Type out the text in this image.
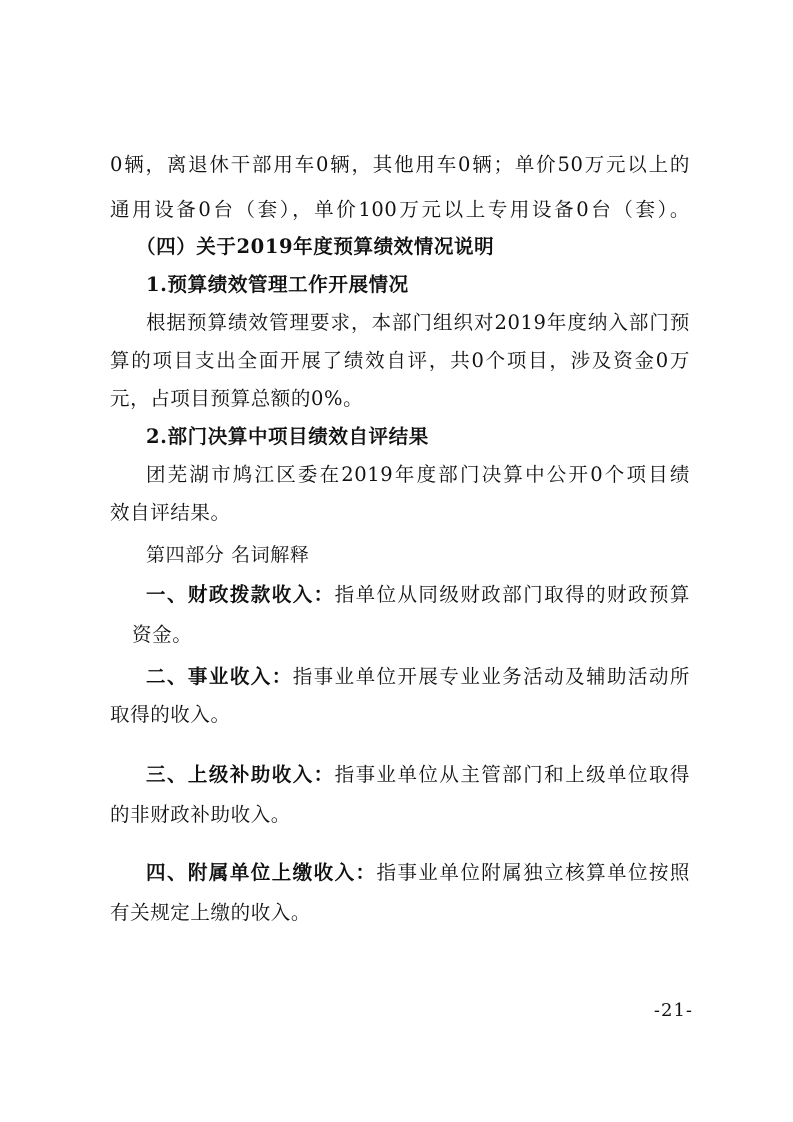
0辆，离退休干部用车0辆，其他用车0辆；单价50万元以上的
通用设备0台（套），单价100万元以上专用设备0台（套）。
（四）关于2019年度预算绩效情况说明
1.预算绩效管理工作开展情况
根据预算绩效管理要求，本部门组织对2019年度纳入部门预
算的项目支出全面开展了绩效自评，共0个项目，涉及资金0万
元，占项目预算总额的0%。
2.部门决算中项目绩效自评结果
团芜湖市鸠江区委在2019年度部门决算中公开0个项目绩
效自评结果。
第四部分 名词解释
一、财政拨款收入：指单位从同级财政部门取得的财政预算
资金。
二、事业收入：指事业单位开展专业业务活动及辅助活动所
取得的收入。
三、上级补助收入：指事业单位从主管部门和上级单位取得
的非财政补助收入。
四、附属单位上缴收入：指事业单位附属独立核算单位按照
有关规定上缴的收入。
-21-
